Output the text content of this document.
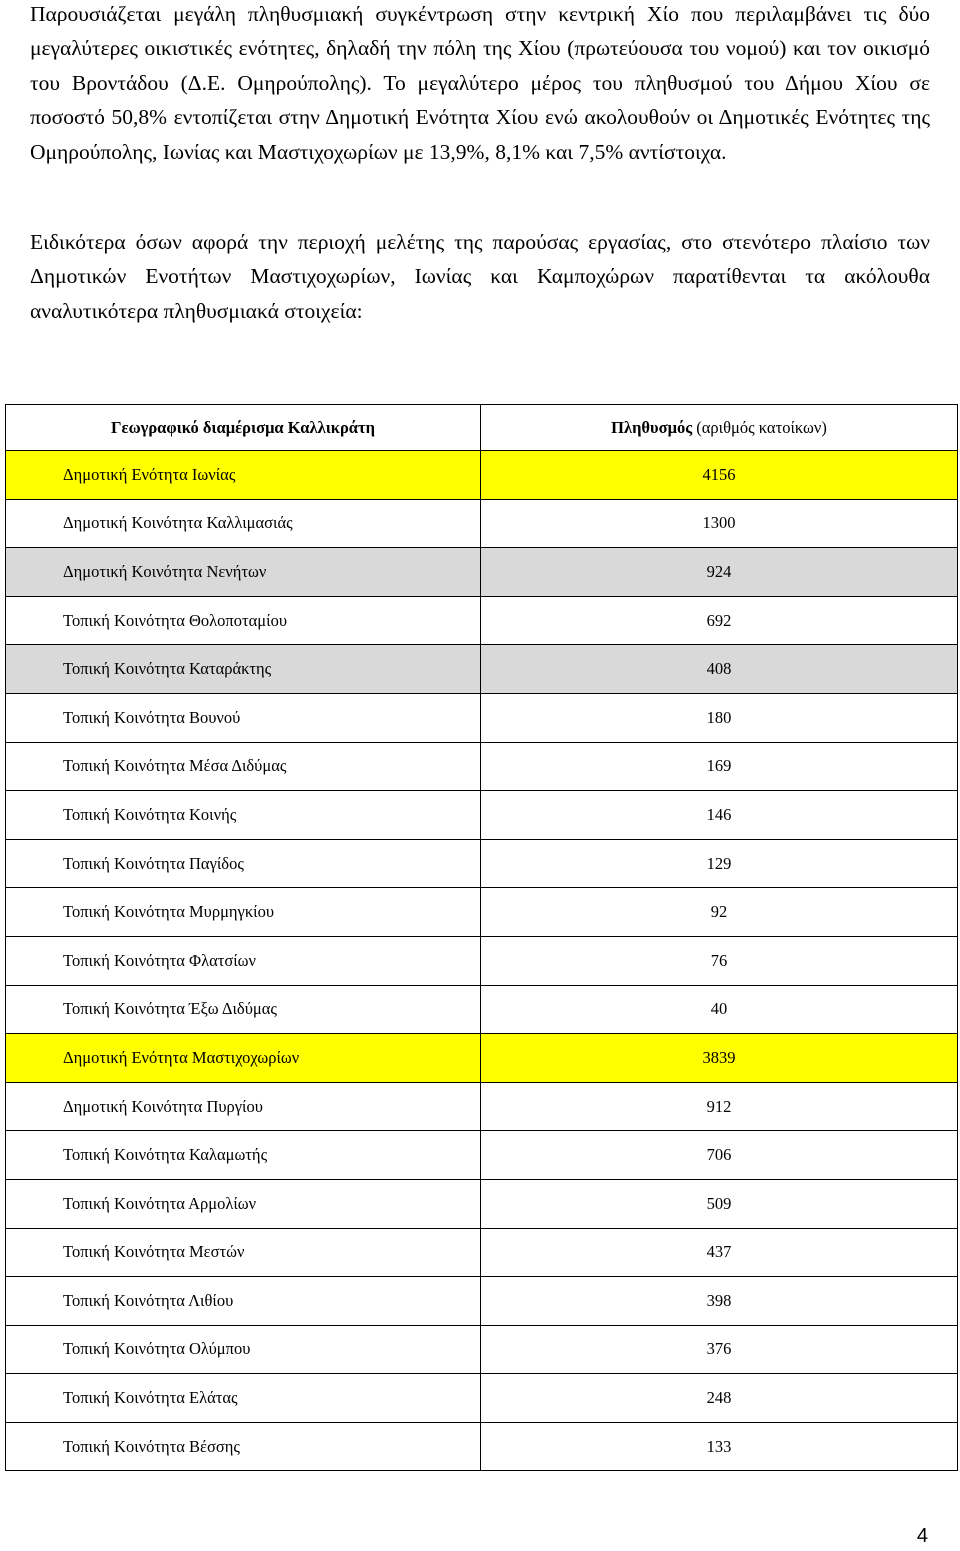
Παρουσιάζεται μεγάλη πληθυσμιακή συγκέντρωση στην κεντρική Χίο που περιλαμβάνει τις δύο μεγαλύτερες οικιστικές ενότητες, δηλαδή την πόλη της Χίου (πρωτεύουσα του νομού) και τον οικισμό του Βροντάδου (Δ.Ε. Ομηρούπολης). Το μεγαλύτερο μέρος του πληθυσμού του Δήμου Χίου σε ποσοστό 50,8% εντοπίζεται στην Δημοτική Ενότητα Χίου ενώ ακολουθούν οι Δημοτικές Ενότητες της Ομηρούπολης, Ιωνίας και Μαστιχοχωρίων με 13,9%, 8,1% και 7,5% αντίστοιχα.

Ειδικότερα όσων αφορά την περιοχή μελέτης της παρούσας εργασίας, στο στενότερο πλαίσιο των Δημοτικών Ενοτήτων Μαστιχοχωρίων, Ιωνίας και Καμποχώρων παρατίθενται τα ακόλουθα αναλυτικότερα πληθυσμιακά στοιχεία:

Γεωγραφικό διαμέρισμα Καλλικράτη	Πληθυσμός (αριθμός κατοίκων)
Δημοτική Ενότητα Ιωνίας	4156
Δημοτική Κοινότητα Καλλιμασιάς	1300
Δημοτική Κοινότητα Νενήτων	924
Τοπική Κοινότητα Θολοποταμίου	692
Τοπική Κοινότητα Καταράκτης	408
Τοπική Κοινότητα Βουνού	180
Τοπική Κοινότητα Μέσα Διδύμας	169
Τοπική Κοινότητα Κοινής	146
Τοπική Κοινότητα Παγίδος	129
Τοπική Κοινότητα Μυρμηγκίου	92
Τοπική Κοινότητα Φλατσίων	76
Τοπική Κοινότητα Έξω Διδύμας	40
Δημοτική Ενότητα Μαστιχοχωρίων	3839
Δημοτική Κοινότητα Πυργίου	912
Τοπική Κοινότητα Καλαμωτής	706
Τοπική Κοινότητα Αρμολίων	509
Τοπική Κοινότητα Μεστών	437
Τοπική Κοινότητα Λιθίου	398
Τοπική Κοινότητα Ολύμπου	376
Τοπική Κοινότητα Ελάτας	248
Τοπική Κοινότητα Βέσσης	133
4
